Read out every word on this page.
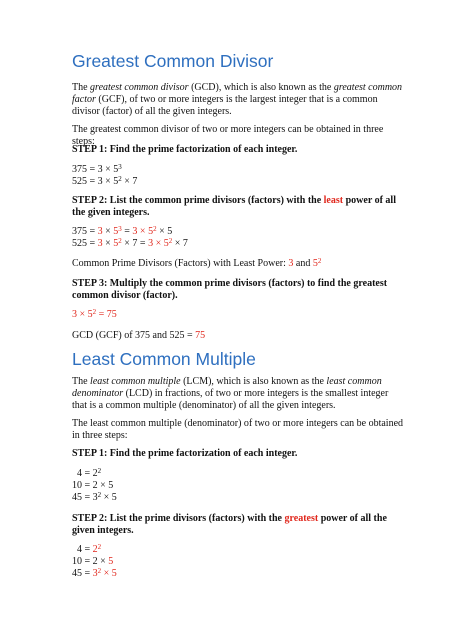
Greatest Common Divisor

The greatest common divisor (GCD), which is also known as the greatest common factor (GCF), of two or more integers is the largest integer that is a common divisor (factor) of all the given integers.

The greatest common divisor of two or more integers can be obtained in three steps:

STEP 1: Find the prime factorization of each integer.

$375 = 3 \times 5^3$

$525 = 3 \times 5^2 \times 7$

STEP 2: List the common prime divisors (factors) with the least power of all the given integers.

$375 = 3 \times 5^3 = 3 \times 5^2 \times 5$

$525 = 3 \times 5^2 \times 7 = 3 \times 5^2 \times 7$

Common Prime Divisors (Factors) with Least Power: 3 and $5^2$

STEP 3: Multiply the common prime divisors (factors) to find the greatest common divisor (factor).

$3 \times 5^2 = 75$

GCD (GCF) of 375 and 525 = 75

Least Common Multiple

The least common multiple (LCM), which is also known as the least common denominator (LCD) in fractions, of two or more integers is the smallest integer that is a common multiple (denominator) of all the given integers.

The least common multiple (denominator) of two or more integers can be obtained in three steps:

STEP 1: Find the prime factorization of each integer.

$4 = 2^2$

10 = 2 × 5

$45 = 3^2 \times 5$

STEP 2: List the prime divisors (factors) with the greatest power of all the given integers.

$4 = 2^2$

10 = 2 × 5

$45 = 3^2 \times 5$
